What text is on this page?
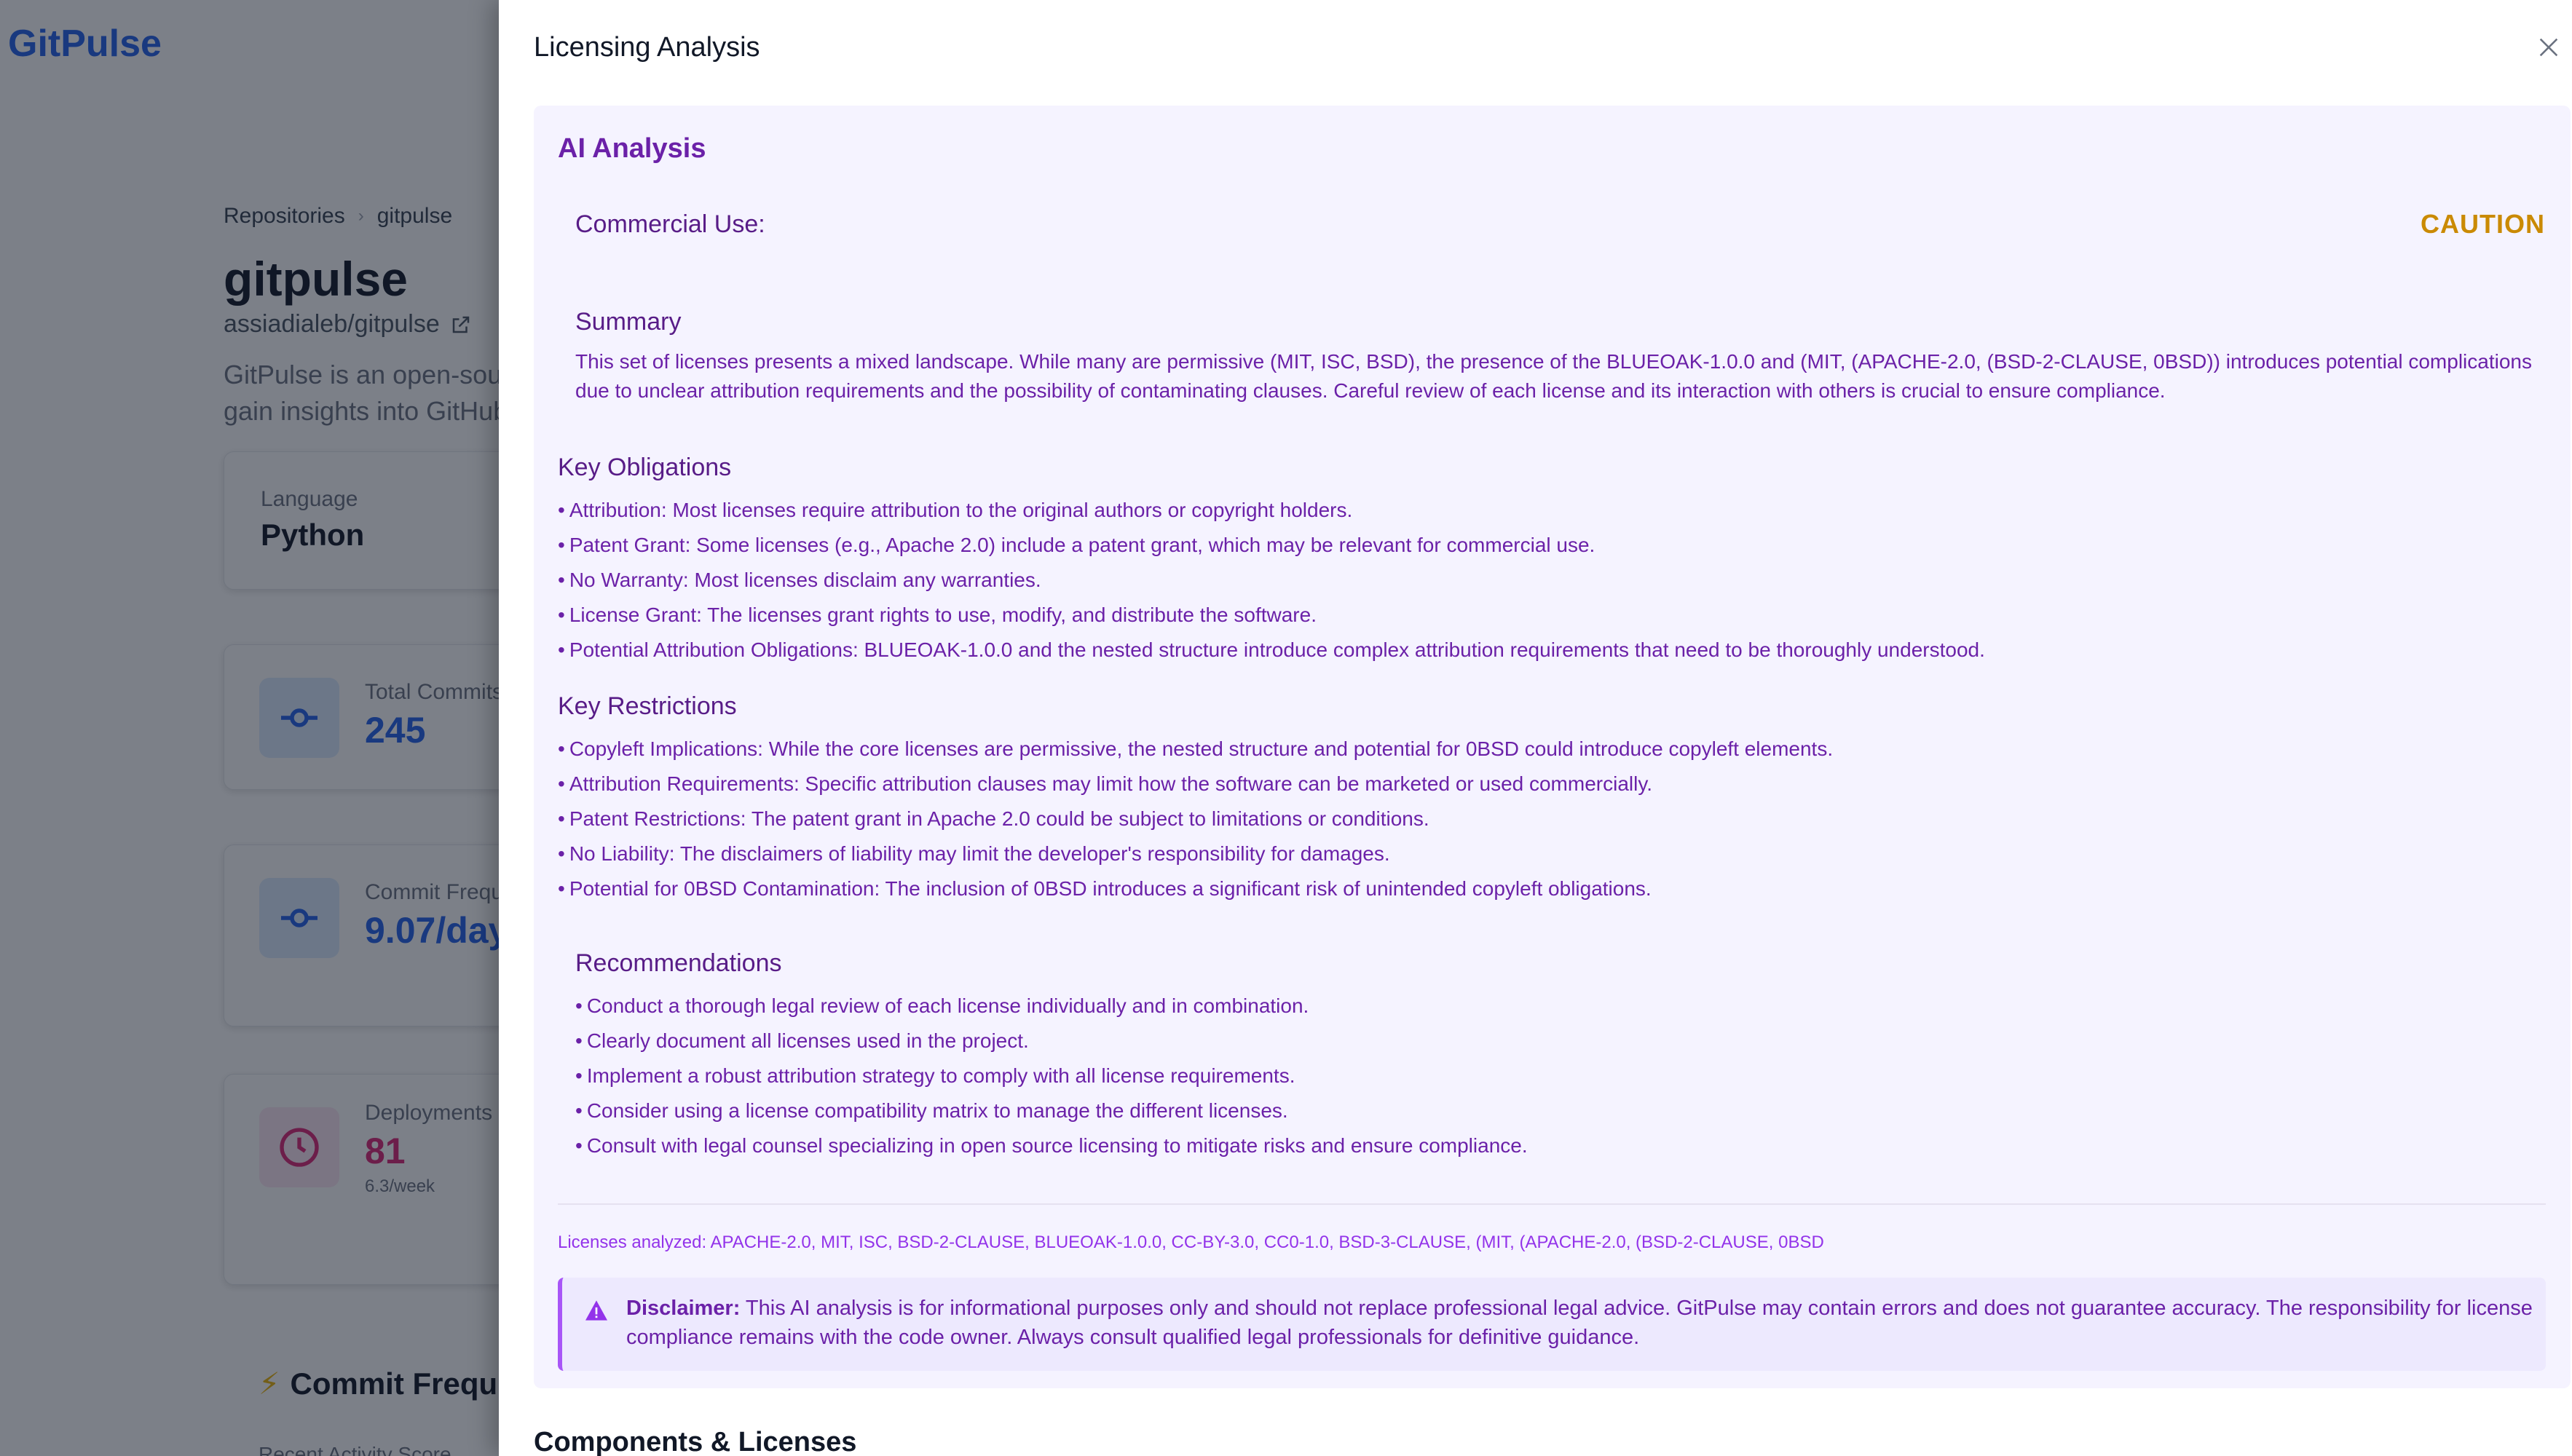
Licensing Analysis
AI Analysis
Commercial Use:	CAUTION
Summary
This set of licenses presents a mixed landscape. While many are permissive (MIT, ISC, BSD), the presence of the BLUEOAK-1.0.0 and (MIT, (APACHE-2.0, (BSD-2-CLAUSE, 0BSD)) introduces potential complications due to unclear attribution requirements and the possibility of contaminating clauses. Careful review of each license and its interaction with others is crucial to ensure compliance.
Key Obligations
• Attribution: Most licenses require attribution to the original authors or copyright holders.
• Patent Grant: Some licenses (e.g., Apache 2.0) include a patent grant, which may be relevant for commercial use.
• No Warranty: Most licenses disclaim any warranties.
• License Grant: The licenses grant rights to use, modify, and distribute the software.
• Potential Attribution Obligations: BLUEOAK-1.0.0 and the nested structure introduce complex attribution requirements that need to be thoroughly understood.
Key Restrictions
• Copyleft Implications: While the core licenses are permissive, the nested structure and potential for 0BSD could introduce copyleft elements.
• Attribution Requirements: Specific attribution clauses may limit how the software can be marketed or used commercially.
• Patent Restrictions: The patent grant in Apache 2.0 could be subject to limitations or conditions.
• No Liability: The disclaimers of liability may limit the developer's responsibility for damages.
• Potential for 0BSD Contamination: The inclusion of 0BSD introduces a significant risk of unintended copyleft obligations.
Recommendations
• Conduct a thorough legal review of each license individually and in combination.
• Clearly document all licenses used in the project.
• Implement a robust attribution strategy to comply with all license requirements.
• Consider using a license compatibility matrix to manage the different licenses.
• Consult with legal counsel specializing in open source licensing to mitigate risks and ensure compliance.
Licenses analyzed: APACHE-2.0, MIT, ISC, BSD-2-CLAUSE, BLUEOAK-1.0.0, CC-BY-3.0, CC0-1.0, BSD-3-CLAUSE, (MIT, (APACHE-2.0, (BSD-2-CLAUSE, 0BSD
Disclaimer: This AI analysis is for informational purposes only and should not replace professional legal advice. GitPulse may contain errors and does not guarantee accuracy. The responsibility for license compliance remains with the code owner. Always consult qualified legal professionals for definitive guidance.
Components & Licenses
